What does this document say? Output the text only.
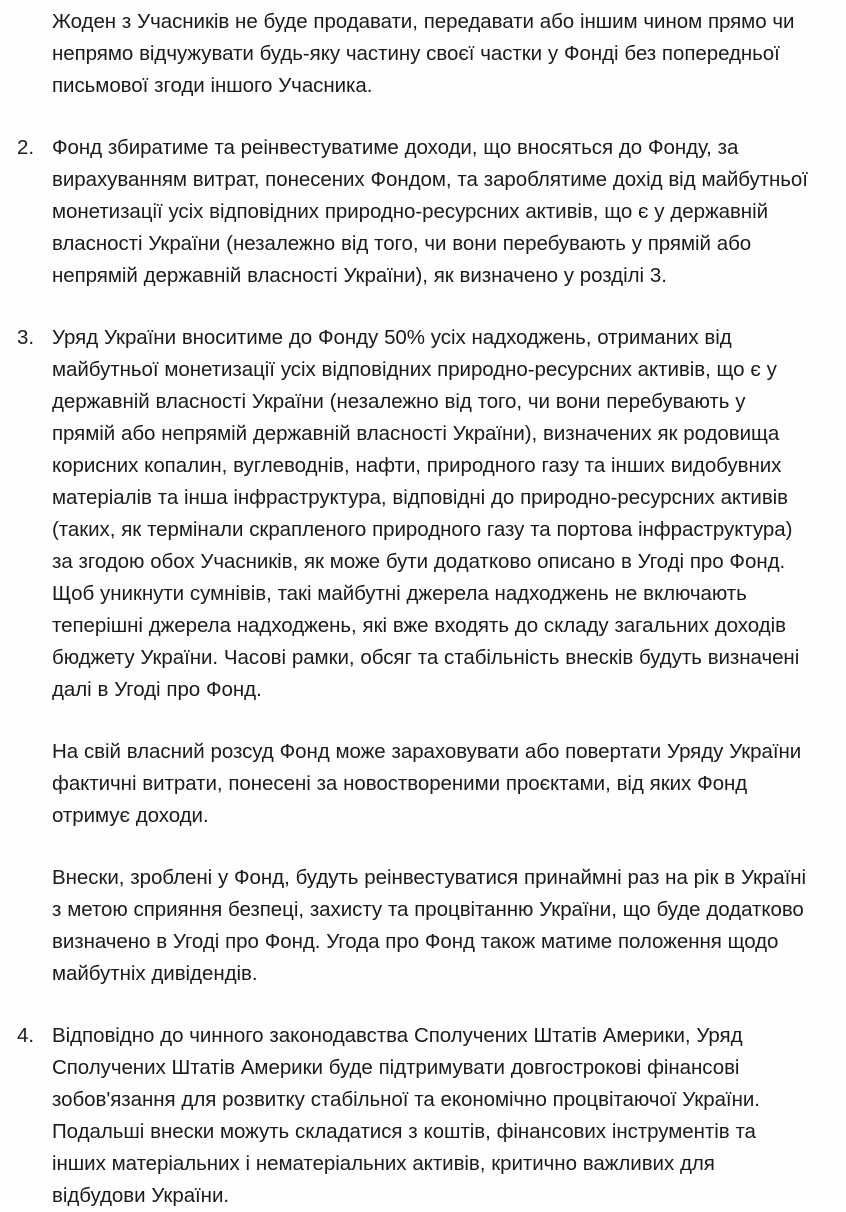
Жоден з Учасників не буде продавати, передавати або іншим чином прямо чи непрямо відчужувати будь-яку частину своєї частки у Фонді без попередньої письмової згоди іншого Учасника.

2. Фонд збиратиме та реінвестуватиме доходи, що вносяться до Фонду, за вирахуванням витрат, понесених Фондом, та зароблятиме дохід від майбутньої монетизації усіх відповідних природно-ресурсних активів, що є у державній власності України (незалежно від того, чи вони перебувають у прямій або непрямій державній власності України), як визначено у розділі 3.

3. Уряд України вноситиме до Фонду 50% усіх надходжень, отриманих від майбутньої монетизації усіх відповідних природно-ресурсних активів, що є у державній власності України (незалежно від того, чи вони перебувають у прямій або непрямій державній власності України), визначених як родовища корисних копалин, вуглеводнів, нафти, природного газу та інших видобувних матеріалів та інша інфраструктура, відповідні до природно-ресурсних активів (таких, як термінали скрапленого природного газу та портова інфраструктура) за згодою обох Учасників, як може бути додатково описано в Угоді про Фонд. Щоб уникнути сумнівів, такі майбутні джерела надходжень не включають теперішні джерела надходжень, які вже входять до складу загальних доходів бюджету України. Часові рамки, обсяг та стабільність внесків будуть визначені далі в Угоді про Фонд.

На свій власний розсуд Фонд може зараховувати або повертати Уряду України фактичні витрати, понесені за новоствореними проєктами, від яких Фонд отримує доходи.

Внески, зроблені у Фонд, будуть реінвестуватися принаймні раз на рік в Україні з метою сприяння безпеці, захисту та процвітанню України, що буде додатково визначено в Угоді про Фонд. Угода про Фонд також матиме положення щодо майбутніх дивідендів.

4. Відповідно до чинного законодавства Сполучених Штатів Америки, Уряд Сполучених Штатів Америки буде підтримувати довгострокові фінансові зобов'язання для розвитку стабільної та економічно процвітаючої України. Подальші внески можуть складатися з коштів, фінансових інструментів та інших матеріальних і нематеріальних активів, критично важливих для відбудови України.
